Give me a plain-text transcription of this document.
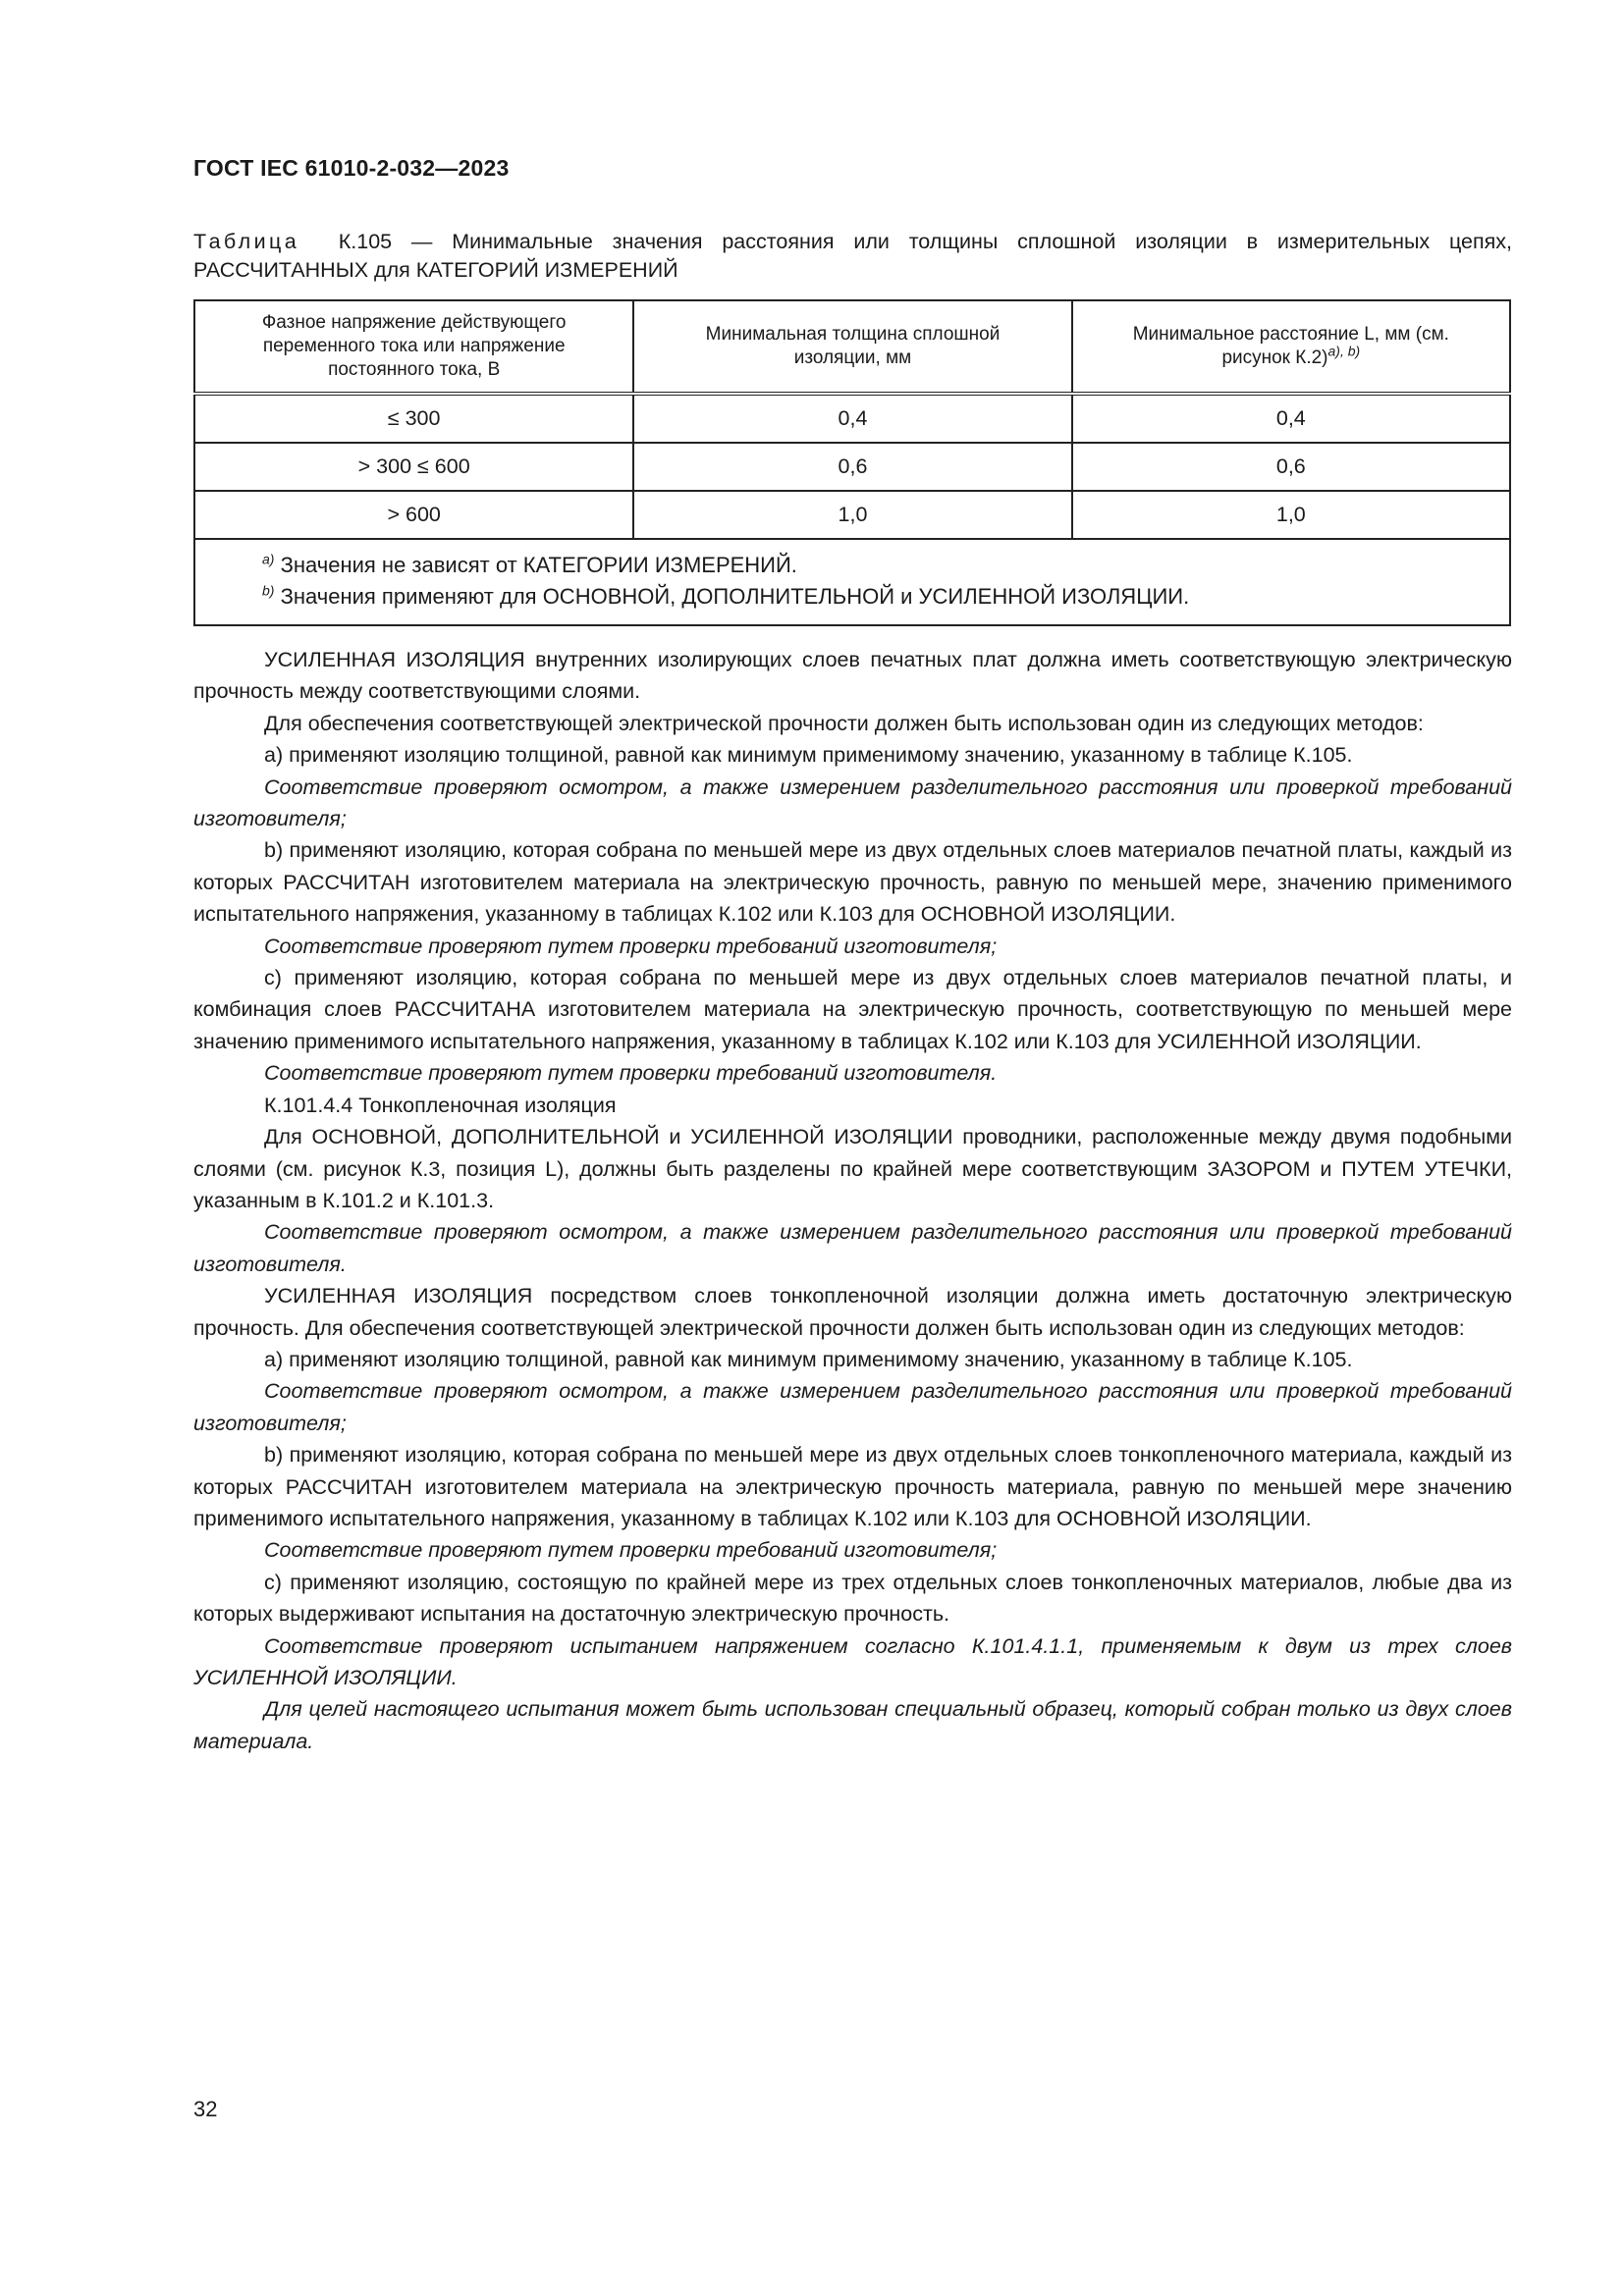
ГОСТ IEC 61010-2-032—2023
Таблица К.105 — Минимальные значения расстояния или толщины сплошной изоляции в измерительных цепях, РАССЧИТАННЫХ для КАТЕГОРИЙ ИЗМЕРЕНИЙ
Фазное напряжение действующего переменного тока или напряжение постоянного тока, В	Минимальная толщина сплошной изоляции, мм	Минимальное расстояние L, мм (см. рисунок К.2)$^{a), b)}$
≤ 300	0,4	0,4
> 300 ≤ 600	0,6	0,6
> 600	1,0	1,0

$^{a)}$ Значения не зависят от КАТЕГОРИИ ИЗМЕРЕНИЙ.
$^{b)}$ Значения применяют для ОСНОВНОЙ, ДОПОЛНИТЕЛЬНОЙ и УСИЛЕННОЙ ИЗОЛЯЦИИ.		

УСИЛЕННАЯ ИЗОЛЯЦИЯ внутренних изолирующих слоев печатных плат должна иметь соответствующую электрическую прочность между соответствующими слоями.

Для обеспечения соответствующей электрической прочности должен быть использован один из следующих методов:

а) применяют изоляцию толщиной, равной как минимум применимому значению, указанному в таблице К.105.

Соответствие проверяют осмотром, а также измерением разделительного расстояния или проверкой требований изготовителя;

b) применяют изоляцию, которая собрана по меньшей мере из двух отдельных слоев материалов печатной платы, каждый из которых РАССЧИТАН изготовителем материала на электрическую прочность, равную по меньшей мере, значению применимого испытательного напряжения, указанному в таблицах К.102 или К.103 для ОСНОВНОЙ ИЗОЛЯЦИИ.

Соответствие проверяют путем проверки требований изготовителя;

c) применяют изоляцию, которая собрана по меньшей мере из двух отдельных слоев материалов печатной платы, и комбинация слоев РАССЧИТАНА изготовителем материала на электрическую прочность, соответствующую по меньшей мере значению применимого испытательного напряжения, указанному в таблицах К.102 или К.103 для УСИЛЕННОЙ ИЗОЛЯЦИИ.

Соответствие проверяют путем проверки требований изготовителя.

К.101.4.4 Тонкопленочная изоляция

Для ОСНОВНОЙ, ДОПОЛНИТЕЛЬНОЙ и УСИЛЕННОЙ ИЗОЛЯЦИИ проводники, расположенные между двумя подобными слоями (см. рисунок К.3, позиция L), должны быть разделены по крайней мере соответствующим ЗАЗОРОМ и ПУТЕМ УТЕЧКИ, указанным в К.101.2 и К.101.3.

Соответствие проверяют осмотром, а также измерением разделительного расстояния или проверкой требований изготовителя.

УСИЛЕННАЯ ИЗОЛЯЦИЯ посредством слоев тонкопленочной изоляции должна иметь достаточную электрическую прочность. Для обеспечения соответствующей электрической прочности должен быть использован один из следующих методов:

а) применяют изоляцию толщиной, равной как минимум применимому значению, указанному в таблице К.105.

Соответствие проверяют осмотром, а также измерением разделительного расстояния или проверкой требований изготовителя;

b) применяют изоляцию, которая собрана по меньшей мере из двух отдельных слоев тонкопленочного материала, каждый из которых РАССЧИТАН изготовителем материала на электрическую прочность материала, равную по меньшей мере значению применимого испытательного напряжения, указанному в таблицах К.102 или К.103 для ОСНОВНОЙ ИЗОЛЯЦИИ.

Соответствие проверяют путем проверки требований изготовителя;

c) применяют изоляцию, состоящую по крайней мере из трех отдельных слоев тонкопленочных материалов, любые два из которых выдерживают испытания на достаточную электрическую прочность.

Соответствие проверяют испытанием напряжением согласно К.101.4.1.1, применяемым к двум из трех слоев УСИЛЕННОЙ ИЗОЛЯЦИИ.

Для целей настоящего испытания может быть использован специальный образец, который собран только из двух слоев материала.

32
